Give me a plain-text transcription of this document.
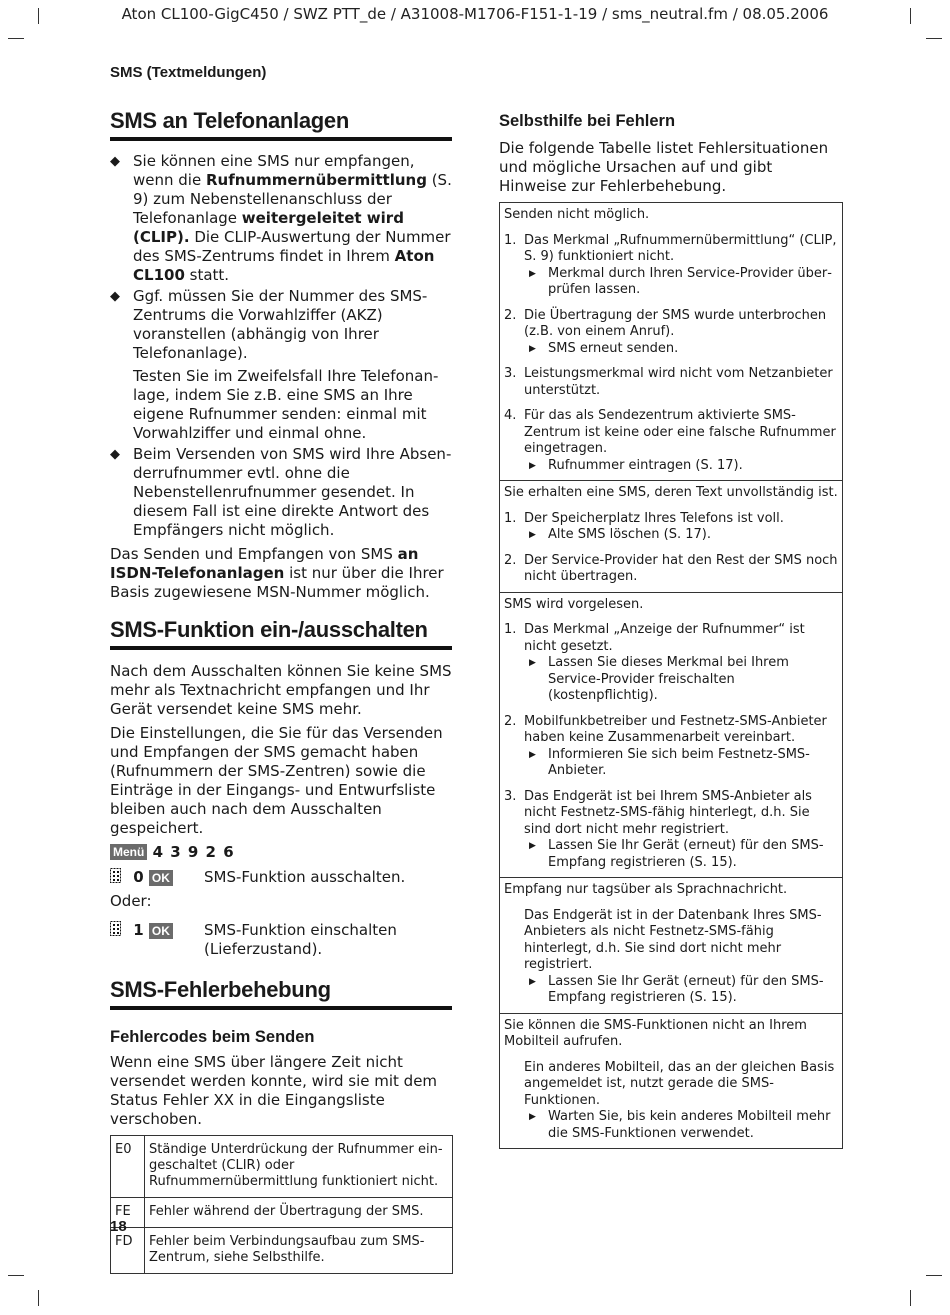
Aton CL100-GigC450 / SWZ PTT_de / A31008-M1706-F151-1-19 / sms_neutral.fm / 08.05.2006
SMS (Textmeldungen)
SMS an Telefonanlagen
◆ Sie können eine SMS nur empfangen, wenn die Rufnummernübermittlung (S. 9) zum Nebenstellenanschluss der Telefonanlage weitergeleitet wird (CLIP). Die CLIP-Auswertung der Nummer des SMS-Zentrums findet in Ihrem Aton CL100 statt.
◆ Ggf. müssen Sie der Nummer des SMS-Zentrums die Vorwahlziffer (AKZ) voranstellen (abhängig von Ihrer Telefonanlage).

Testen Sie im Zweifelsfall Ihre Telefonanlage, indem Sie z.B. eine SMS an Ihre eigene Rufnummer senden: einmal mit Vorwahlziffer und einmal ohne.

◆ Beim Versenden von SMS wird Ihre Absenderrufnummer evtl. ohne die Nebenstellenrufnummer gesendet. In diesem Fall ist eine direkte Antwort des Empfängers nicht möglich.

Das Senden und Empfangen von SMS an ISDN-Telefonanlagen ist nur über die Ihrer Basis zugewiesene MSN-Nummer möglich.

SMS-Funktion ein-/ausschalten

Nach dem Ausschalten können Sie keine SMS mehr als Textnachricht empfangen und Ihr Gerät versendet keine SMS mehr.

Die Einstellungen, die Sie für das Versenden und Empfangen der SMS gemacht haben (Rufnummern der SMS-Zentren) sowie die Einträge in der Eingangs- und Entwurfsliste bleiben auch nach dem Ausschalten gespeichert.

Menü 4 3 9 2 6
0 OK SMS-Funktion ausschalten.

Oder:

1 OK SMS-Funktion einschalten (Lieferzustand).
SMS-Fehlerbehebung
Fehlercodes beim Senden

Wenn eine SMS über längere Zeit nicht versendet werden konnte, wird sie mit dem Status Fehler XX in die Eingangsliste verschoben.

E0	Ständige Unterdrückung der Rufnummer eingeschaltet (CLIR) oder Rufnummernübermittlung funktioniert nicht.
FE	Fehler während der Übertragung der SMS.
FD	Fehler beim Verbindungsaufbau zum SMS-Zentrum, siehe Selbsthilfe.
Selbsthilfe bei Fehlern

Die folgende Tabelle listet Fehlersituationen und mögliche Ursachen auf und gibt Hinweise zur Fehlerbehebung.

Senden nicht möglich.
1. Das Merkmal „Rufnummernübermittlung“ (CLIP, S. 9) funktioniert nicht.
▶ Merkmal durch Ihren Service-Provider überprüfen lassen.
2. Die Übertragung der SMS wurde unterbrochen (z.B. von einem Anruf).
▶ SMS erneut senden.
3. Leistungsmerkmal wird nicht vom Netzanbieter unterstützt.
4. Für das als Sendezentrum aktivierte SMS-Zentrum ist keine oder eine falsche Rufnummer eingetragen.
▶ Rufnummer eintragen (S. 17).
Sie erhalten eine SMS, deren Text unvollständig ist.
1. Der Speicherplatz Ihres Telefons ist voll.
▶ Alte SMS löschen (S. 17).
2. Der Service-Provider hat den Rest der SMS noch nicht übertragen.
SMS wird vorgelesen.
1. Das Merkmal „Anzeige der Rufnummer“ ist nicht gesetzt.
▶ Lassen Sie dieses Merkmal bei Ihrem Service-Provider freischalten (kostenpflichtig).
2. Mobilfunkbetreiber und Festnetz-SMS-Anbieter haben keine Zusammenarbeit vereinbart.
▶ Informieren Sie sich beim Festnetz-SMS-Anbieter.
3. Das Endgerät ist bei Ihrem SMS-Anbieter als nicht Festnetz-SMS-fähig hinterlegt, d.h. Sie sind dort nicht mehr registriert.
▶ Lassen Sie Ihr Gerät (erneut) für den SMS-Empfang registrieren (S. 15).
Empfang nur tagsüber als Sprachnachricht.
Das Endgerät ist in der Datenbank Ihres SMS-Anbieters als nicht Festnetz-SMS-fähig hinterlegt, d.h. Sie sind dort nicht mehr registriert.
▶ Lassen Sie Ihr Gerät (erneut) für den SMS-Empfang registrieren (S. 15).
Sie können die SMS-Funktionen nicht an Ihrem Mobilteil aufrufen.
Ein anderes Mobilteil, das an der gleichen Basis angemeldet ist, nutzt gerade die SMS-Funktionen.
▶ Warten Sie, bis kein anderes Mobilteil mehr die SMS-Funktionen verwendet.
18
